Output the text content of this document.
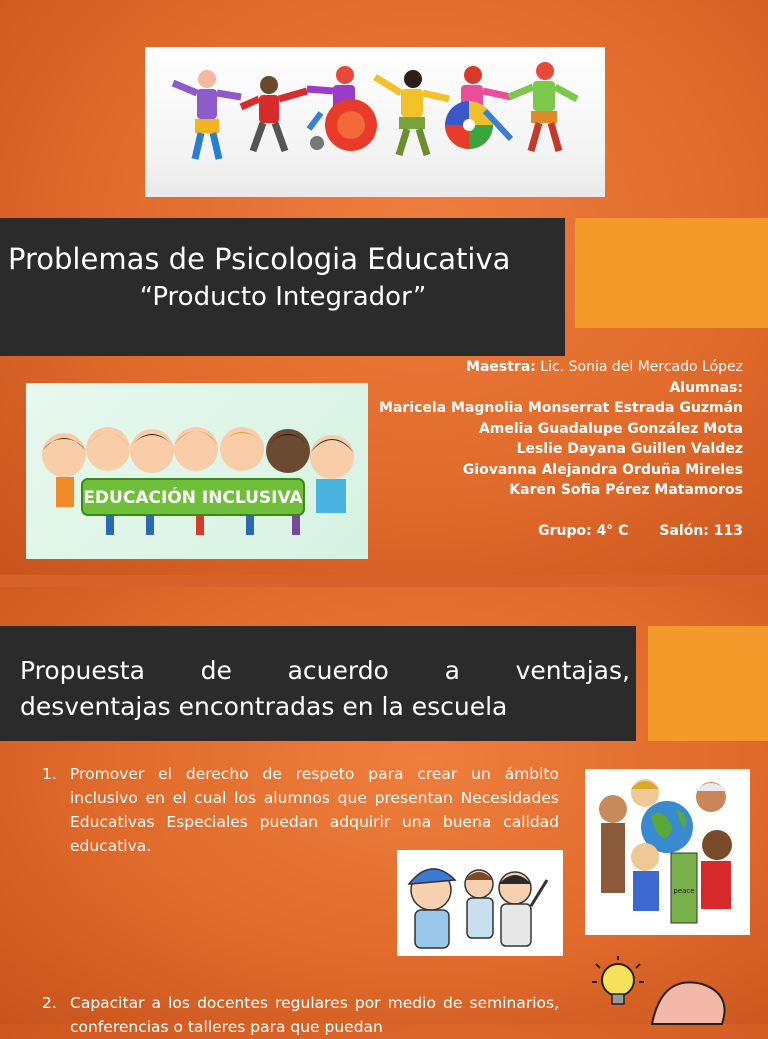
Problemas de Psicologia Educativa
“Producto Integrador”
Maestra: Lic. Sonia del Mercado López
Alumnas:
Maricela Magnolia Monserrat Estrada Guzmán
Amelia Guadalupe González Mota
Leslie Dayana Guillen Valdez
Giovanna Alejandra Orduña Mireles
Karen Sofia Pérez Matamoros
Grupo: 4° C Salón: 113
EDUCACIÓN INCLUSIVA
Propuesta de acuerdo a ventajas,
desventajas encontradas en la escuela
1. Promover el derecho de respeto para crear un ámbito inclusivo en el cual los alumnos que presentan Necesidades Educativas Especiales puedan adquirir una buena calidad educativa.
peace
2. Capacitar a los docentes regulares por medio de seminarios, conferencias o talleres para que puedan
